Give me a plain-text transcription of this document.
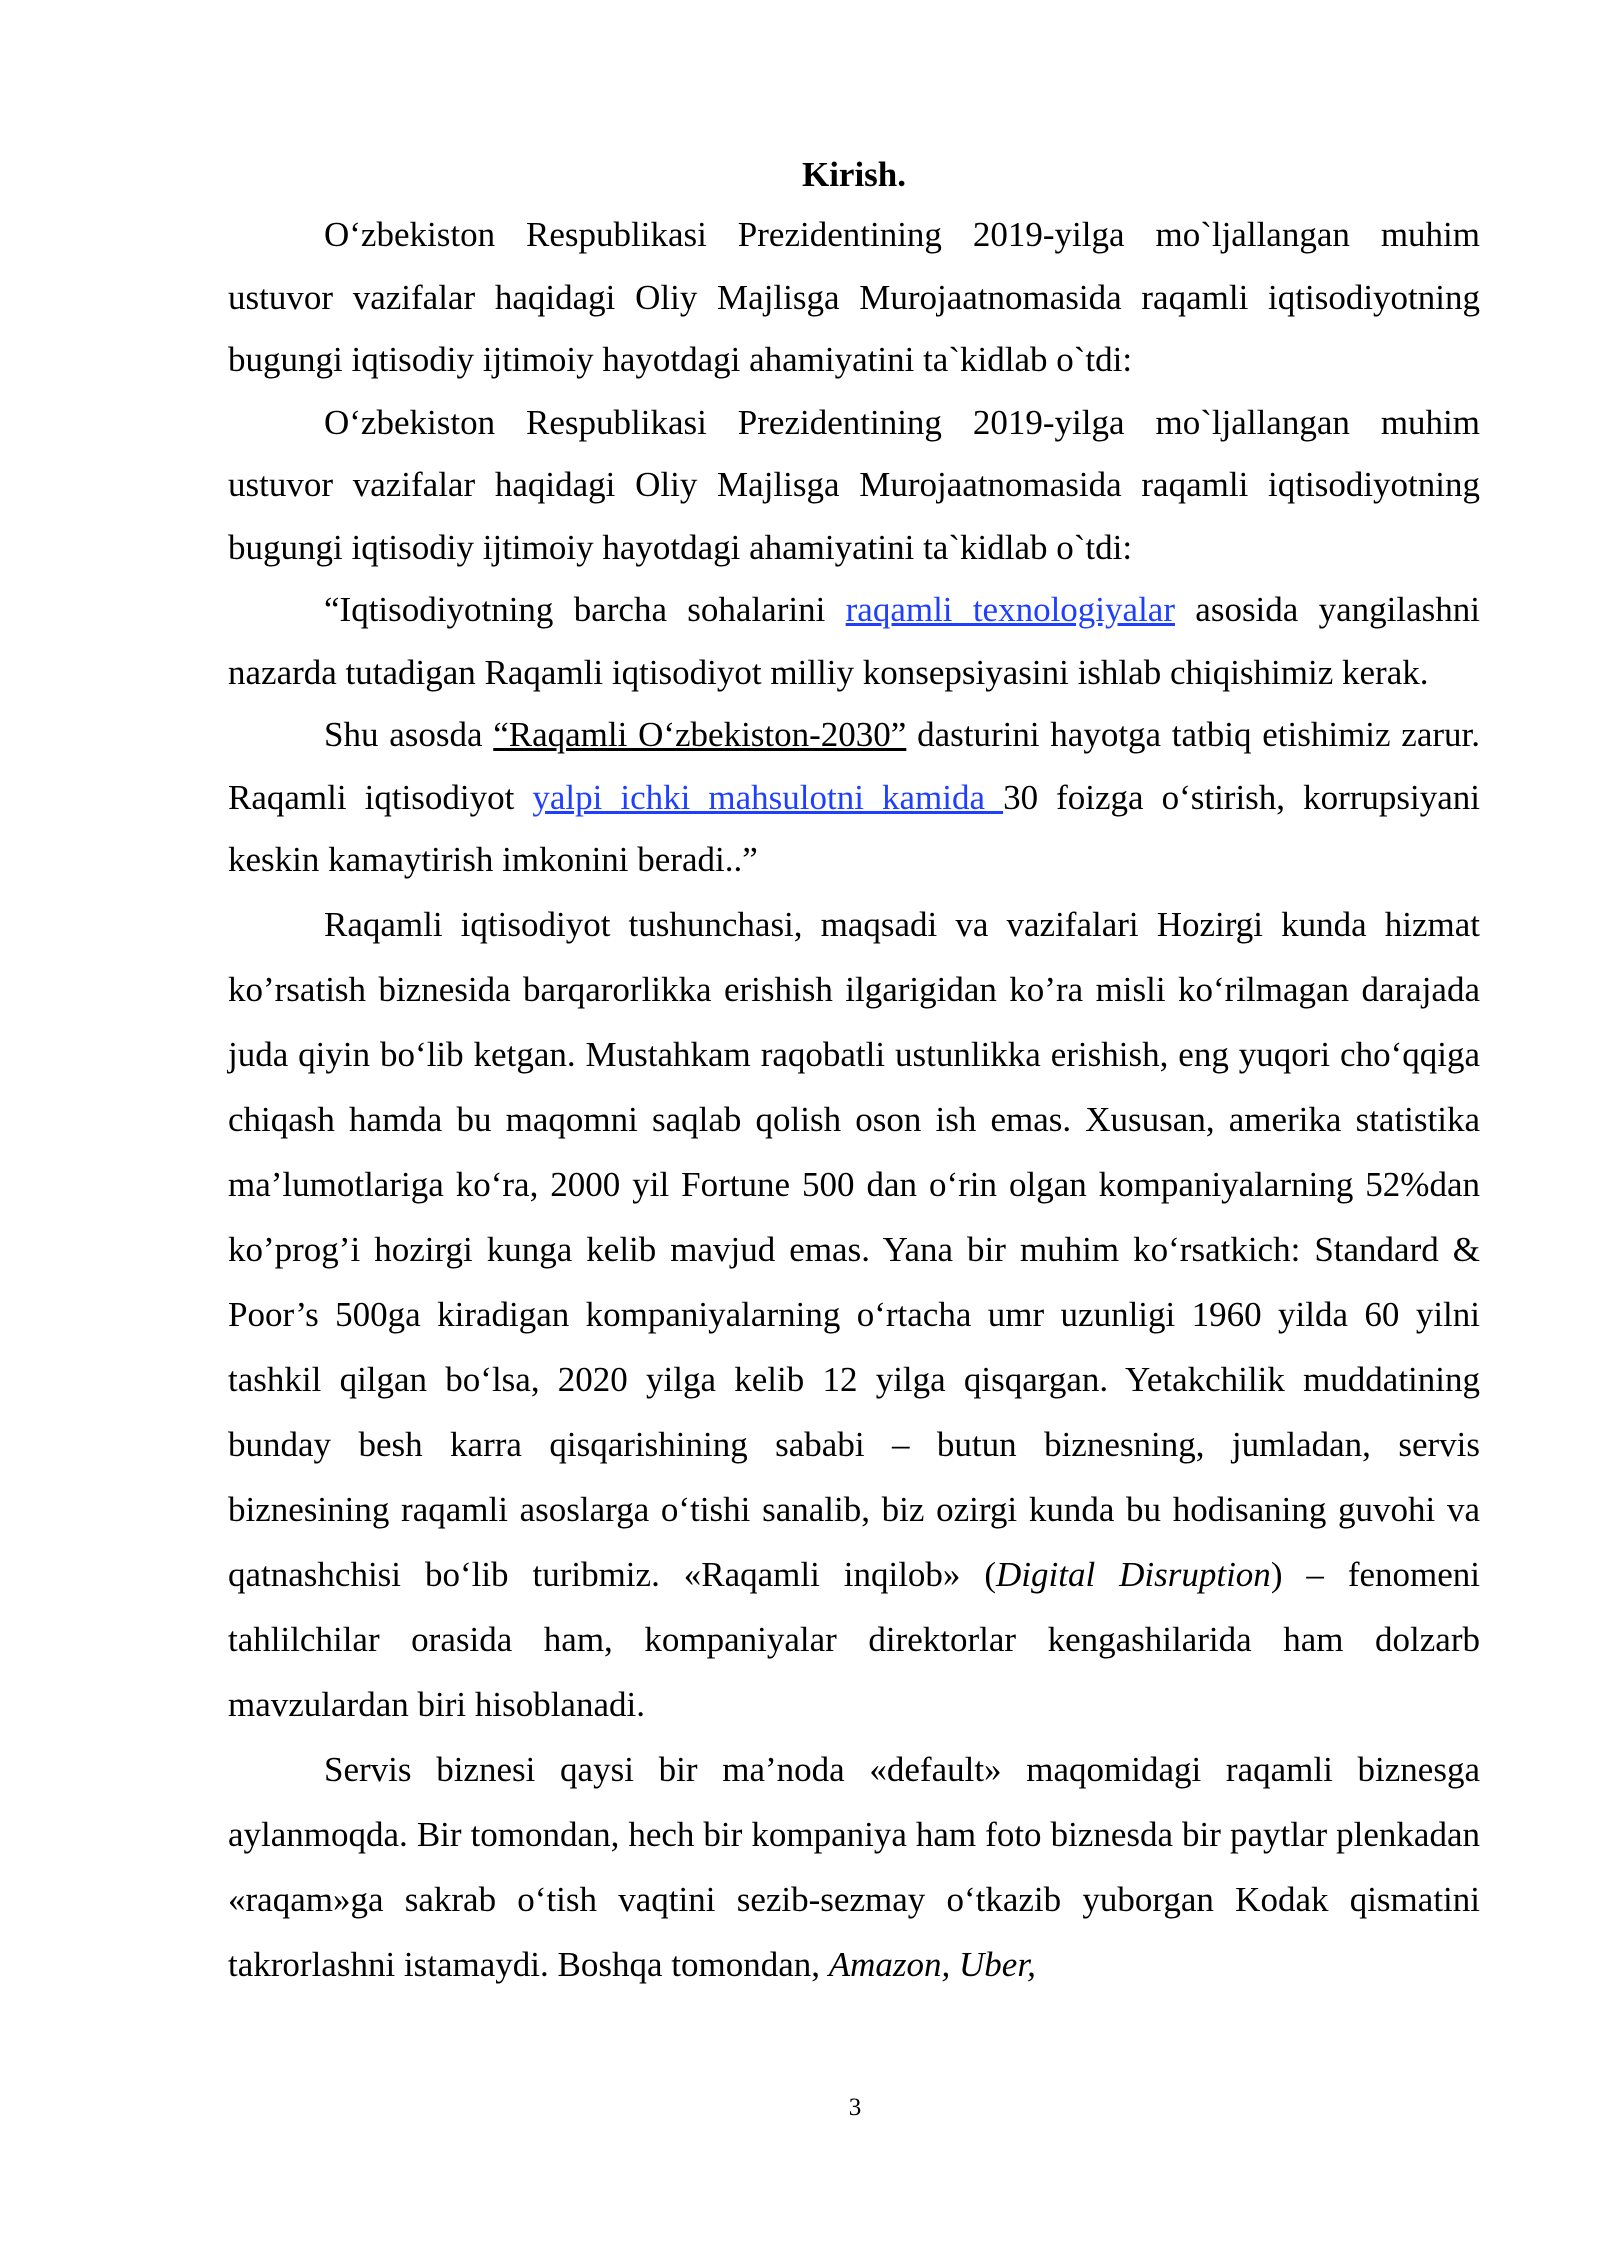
Kirish.

O‘zbekiston Respublikasi Prezidentining 2019-yilga mo`ljallangan muhim ustuvor vazifalar haqidagi Oliy Majlisga Murojaatnomasida raqamli iqtisodiyotning bugungi iqtisodiy ijtimoiy hayotdagi ahamiyatini ta`kidlab o`tdi:

O‘zbekiston Respublikasi Prezidentining 2019-yilga mo`ljallangan muhim ustuvor vazifalar haqidagi Oliy Majlisga Murojaatnomasida raqamli iqtisodiyotning bugungi iqtisodiy ijtimoiy hayotdagi ahamiyatini ta`kidlab o`tdi:

“Iqtisodiyotning barcha sohalarini raqamli texnologiyalar asosida yangilashni nazarda tutadigan Raqamli iqtisodiyot milliy konsepsiyasini ishlab chiqishimiz kerak.

Shu asosda “Raqamli O‘zbekiston-2030” dasturini hayotga tatbiq etishimiz zarur. Raqamli iqtisodiyot yalpi ichki mahsulotni kamida 30 foizga o‘stirish, korrupsiyani keskin kamaytirish imkonini beradi..”

Raqamli iqtisodiyot tushunchasi, maqsadi va vazifalari Hozirgi kunda hizmat ko’rsatish biznesida barqarorlikka erishish ilgarigidan ko’ra misli ko‘rilmagan darajada juda qiyin bo‘lib ketgan. Mustahkam raqobatli ustunlikka erishish, eng yuqori cho‘qqiga chiqash hamda bu maqomni saqlab qolish oson ish emas. Xususan, amerika statistika ma’lumotlariga ko‘ra, 2000 yil Fortune 500 dan o‘rin olgan kompaniyalarning 52%dan ko’prog’i hozirgi kunga kelib mavjud emas. Yana bir muhim ko‘rsatkich: Standard & Poor’s 500ga kiradigan kompaniyalarning o‘rtacha umr uzunligi 1960 yilda 60 yilni tashkil qilgan bo‘lsa, 2020 yilga kelib 12 yilga qisqargan. Yetakchilik muddatining bunday besh karra qisqarishining sababi – butun biznesning, jumladan, servis biznesining raqamli asoslarga o‘tishi sanalib, biz ozirgi kunda bu hodisaning guvohi va qatnashchisi bo‘lib turibmiz. «Raqamli inqilob» (Digital Disruption) – fenomeni tahlilchilar orasida ham, kompaniyalar direktorlar kengashilarida ham dolzarb mavzulardan biri hisoblanadi.

Servis biznesi qaysi bir ma’noda «default» maqomidagi raqamli biznesga aylanmoqda. Bir tomondan, hech bir kompaniya ham foto biznesda bir paytlar plenkadan «raqam»ga sakrab o‘tish vaqtini sezib-sezmay o‘tkazib yuborgan Kodak qismatini takrorlashni istamaydi. Boshqa tomondan, Amazon, Uber,

3
